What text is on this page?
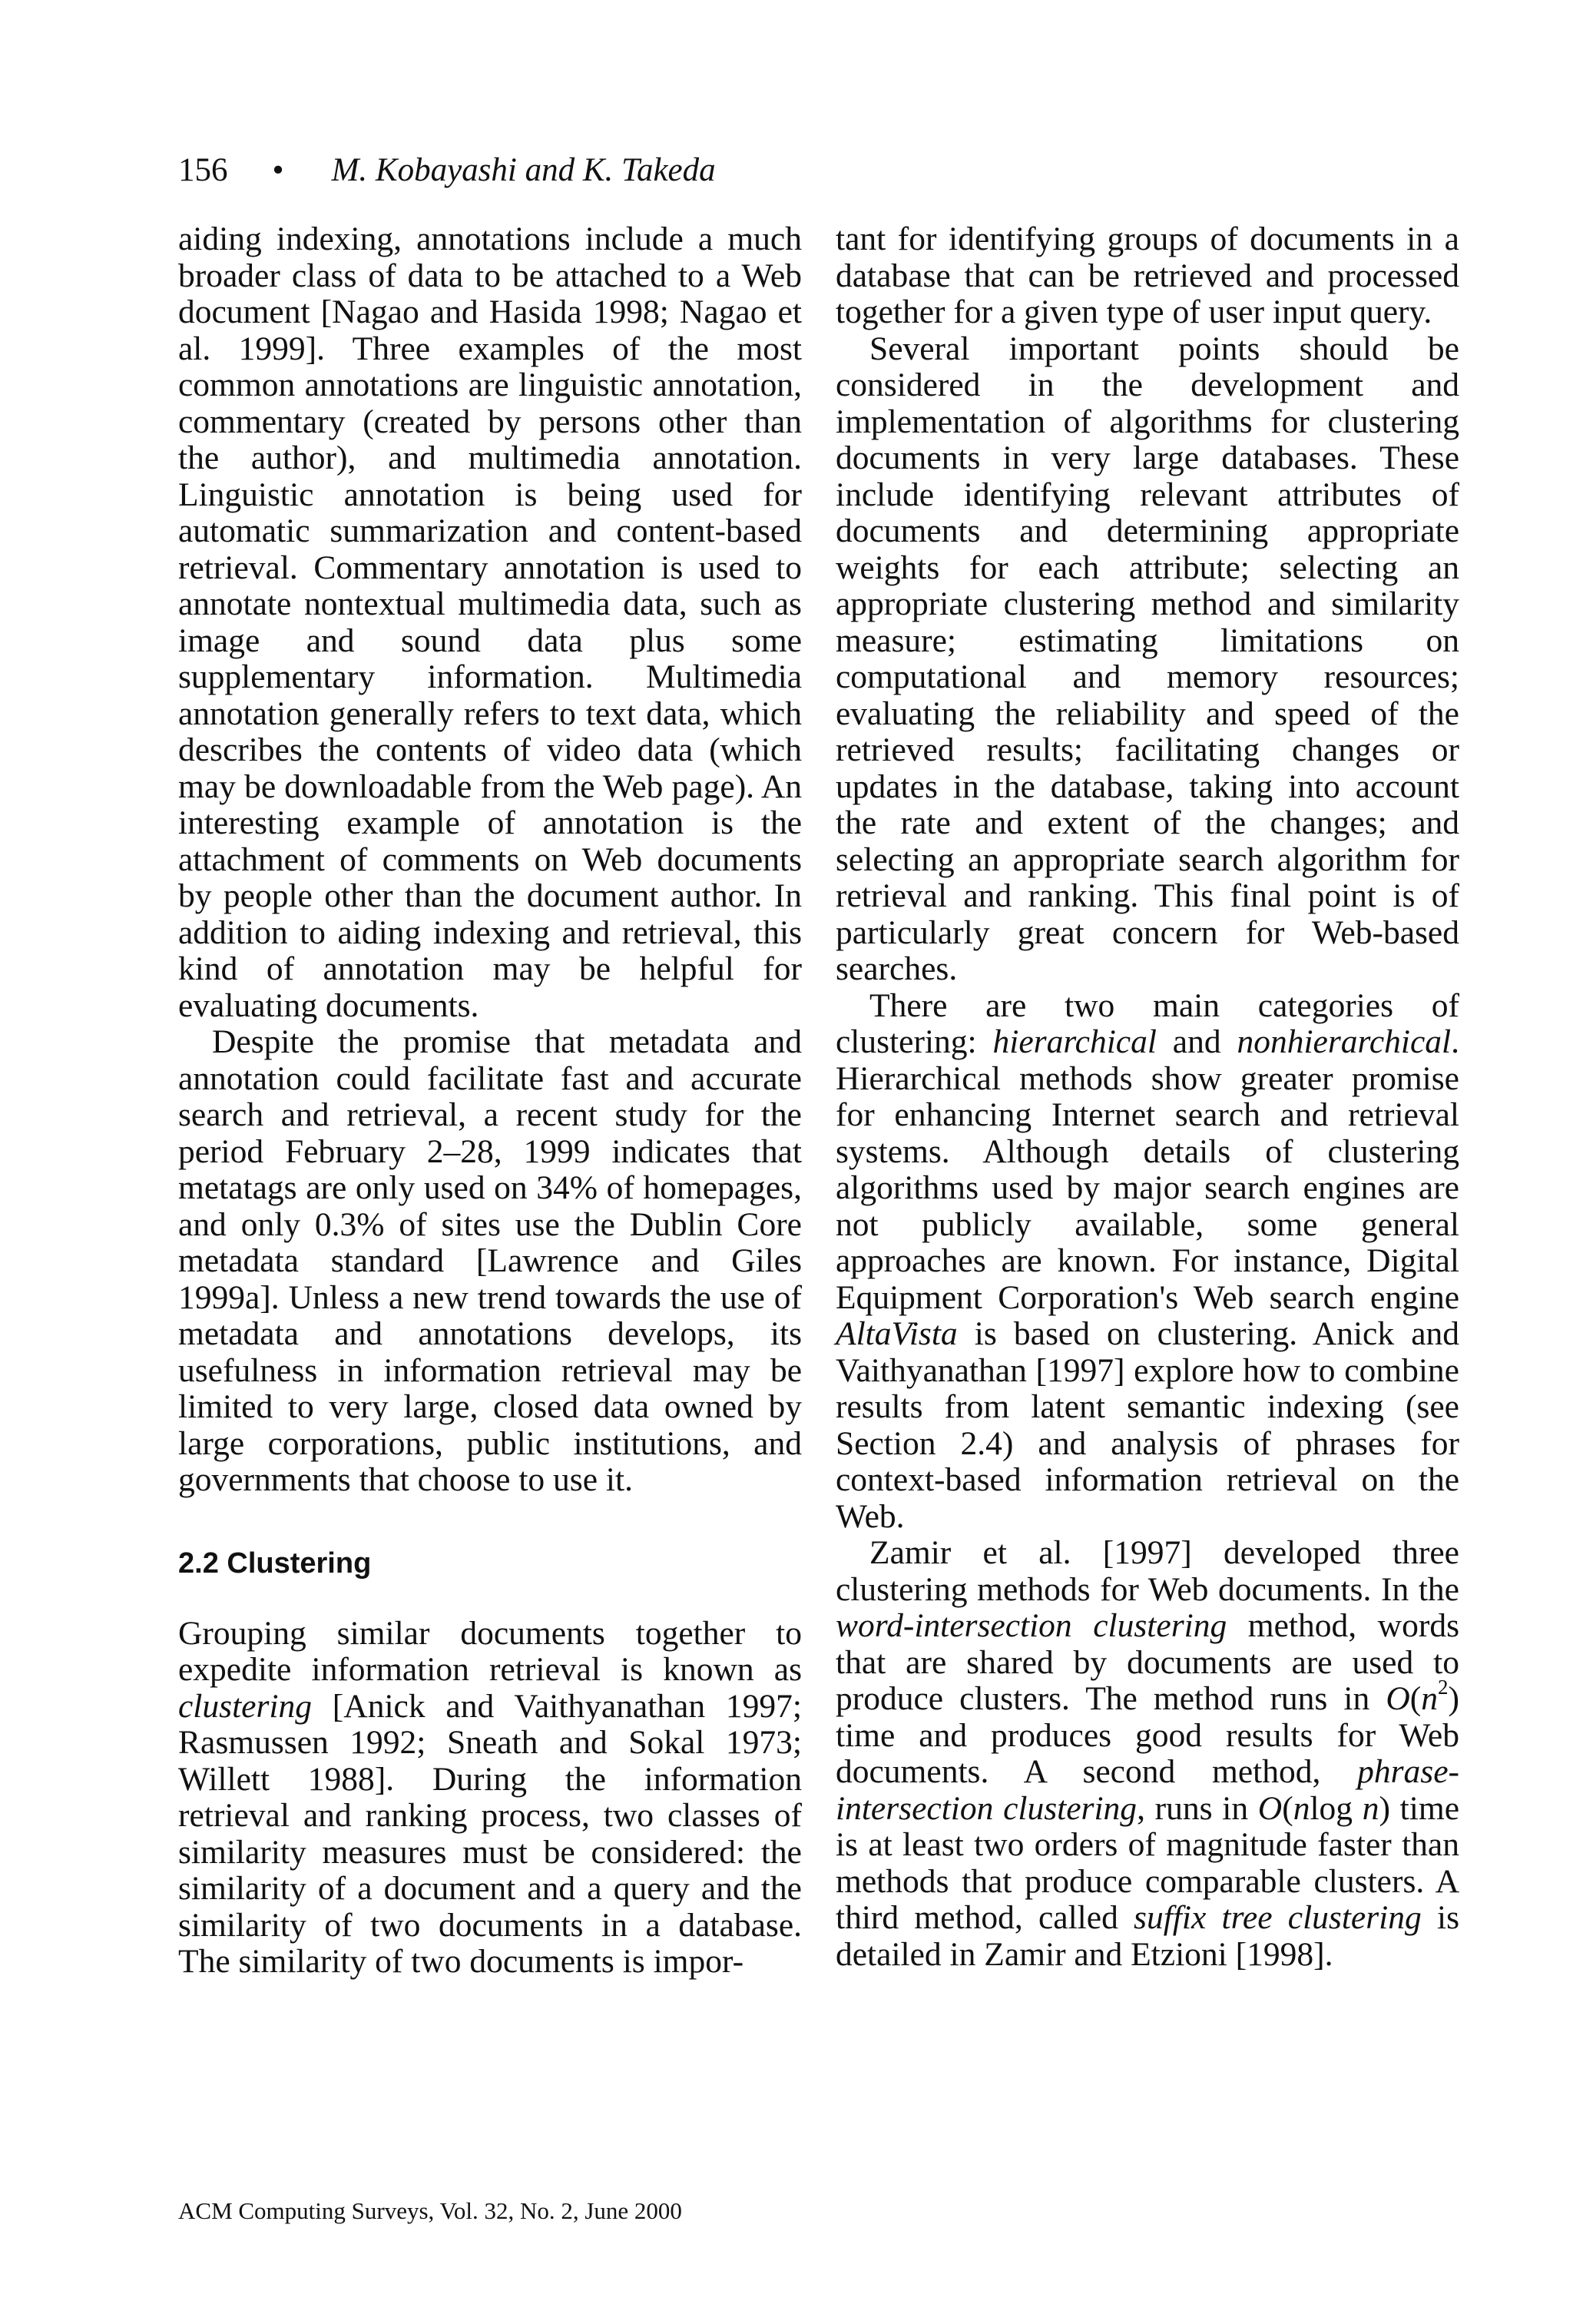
156 • M. Kobayashi and K. Takeda

aiding indexing, annotations include a much broader class of data to be attached to a Web document [Nagao and Hasida 1998; Nagao et al. 1999]. Three examples of the most common annotations are linguistic annotation, commentary (created by persons other than the author), and multimedia annotation. Linguistic annotation is being used for automatic summarization and content-based retrieval. Commentary annotation is used to annotate nontextual multimedia data, such as image and sound data plus some supplementary information. Multimedia annotation generally refers to text data, which describes the contents of video data (which may be downloadable from the Web page). An interesting example of annotation is the attachment of comments on Web documents by people other than the document author. In addition to aiding indexing and retrieval, this kind of annotation may be helpful for evaluating documents.

Despite the promise that metadata and annotation could facilitate fast and accurate search and retrieval, a recent study for the period February 2–28, 1999 indicates that metatags are only used on 34% of homepages, and only 0.3% of sites use the Dublin Core metadata standard [Lawrence and Giles 1999a]. Unless a new trend towards the use of metadata and annotations develops, its usefulness in information retrieval may be limited to very large, closed data owned by large corporations, public institutions, and governments that choose to use it.

2.2 Clustering

Grouping similar documents together to expedite information retrieval is known as clustering [Anick and Vaithyanathan 1997; Rasmussen 1992; Sneath and Sokal 1973; Willett 1988]. During the information retrieval and ranking process, two classes of similarity measures must be considered: the similarity of a document and a query and the similarity of two documents in a database. The similarity of two documents is impor-

tant for identifying groups of documents in a database that can be retrieved and processed together for a given type of user input query.

Several important points should be considered in the development and implementation of algorithms for clustering documents in very large databases. These include identifying relevant attributes of documents and determining appropriate weights for each attribute; selecting an appropriate clustering method and similarity measure; estimating limitations on computational and memory resources; evaluating the reliability and speed of the retrieved results; facilitating changes or updates in the database, taking into account the rate and extent of the changes; and selecting an appropriate search algorithm for retrieval and ranking. This final point is of particularly great concern for Web-based searches.

There are two main categories of clustering: hierarchical and nonhierarchical. Hierarchical methods show greater promise for enhancing Internet search and retrieval systems. Although details of clustering algorithms used by major search engines are not publicly available, some general approaches are known. For instance, Digital Equipment Corporation's Web search engine AltaVista is based on clustering. Anick and Vaithyanathan [1997] explore how to combine results from latent semantic indexing (see Section 2.4) and analysis of phrases for context-based information retrieval on the Web.

Zamir et al. [1997] developed three clustering methods for Web documents. In the word-intersection clustering method, words that are shared by documents are used to produce clusters. The method runs in $O(n^2)$ time and produces good results for Web documents. A second method, phrase-intersection clustering, runs in O(nlog n) time is at least two orders of magnitude faster than methods that produce comparable clusters. A third method, called suffix tree clustering is detailed in Zamir and Etzioni [1998].

ACM Computing Surveys, Vol. 32, No. 2, June 2000
